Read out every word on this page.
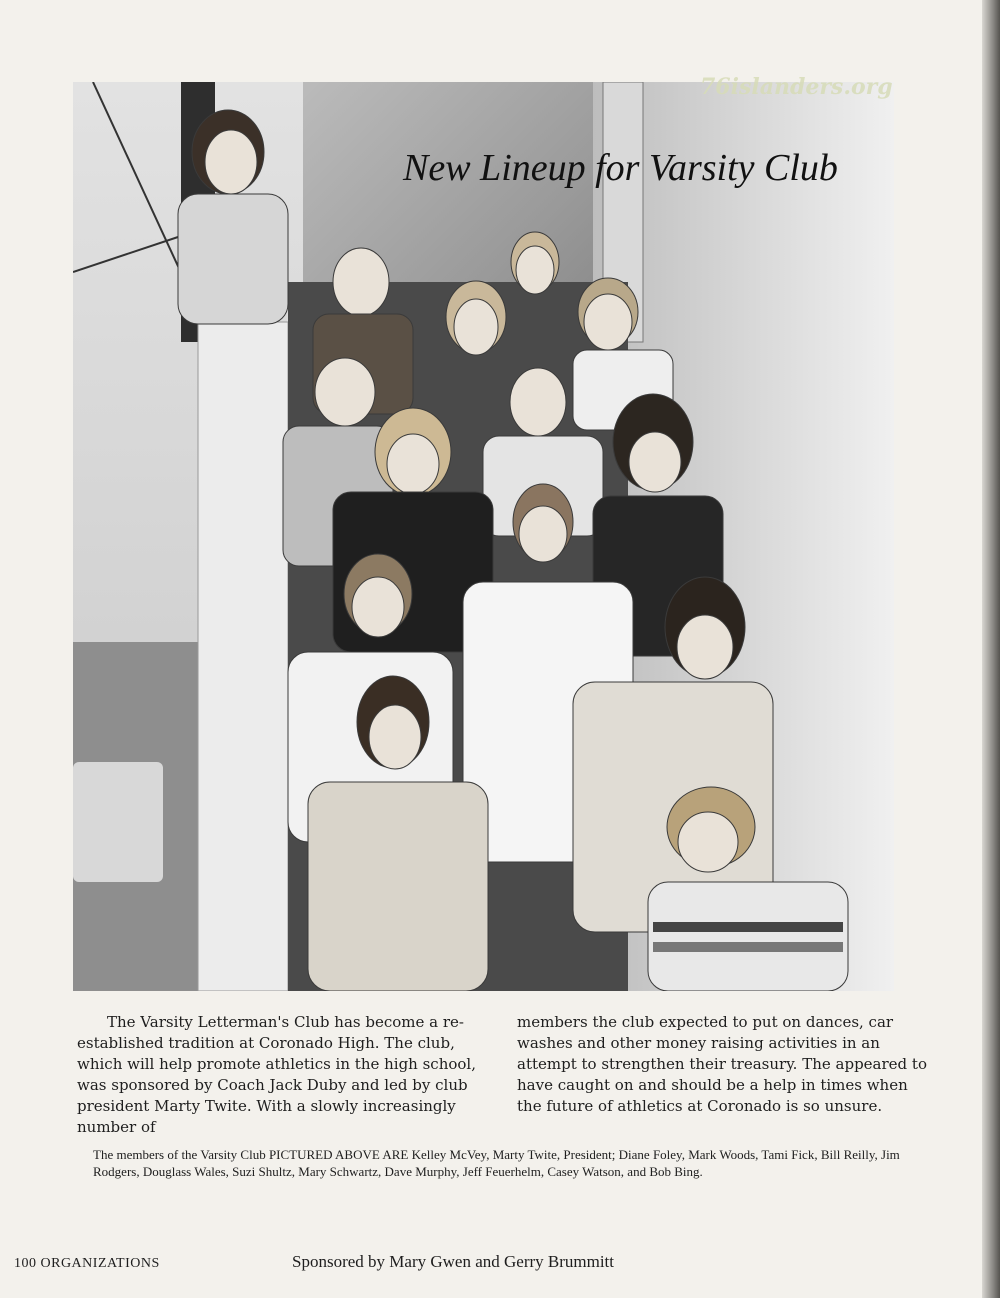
76islanders.org
New Lineup for Varsity Club
The Varsity Letterman's Club has become a re-established tradition at Coronado High. The club, which will help promote athletics in the high school, was sponsored by Coach Jack Duby and led by club president Marty Twite. With a slowly increasingly number of
members the club expected to put on dances, car washes and other money raising activities in an attempt to strengthen their treasury. The appeared to have caught on and should be a help in times when the future of athletics at Coronado is so unsure.
The members of the Varsity Club PICTURED ABOVE ARE Kelley McVey, Marty Twite, President; Diane Foley, Mark Woods, Tami Fick, Bill Reilly, Jim Rodgers, Douglass Wales, Suzi Shultz, Mary Schwartz, Dave Murphy, Jeff Feuerhelm, Casey Watson, and Bob Bing.
100 ORGANIZATIONS	Sponsored by Mary Gwen and Gerry Brummitt
